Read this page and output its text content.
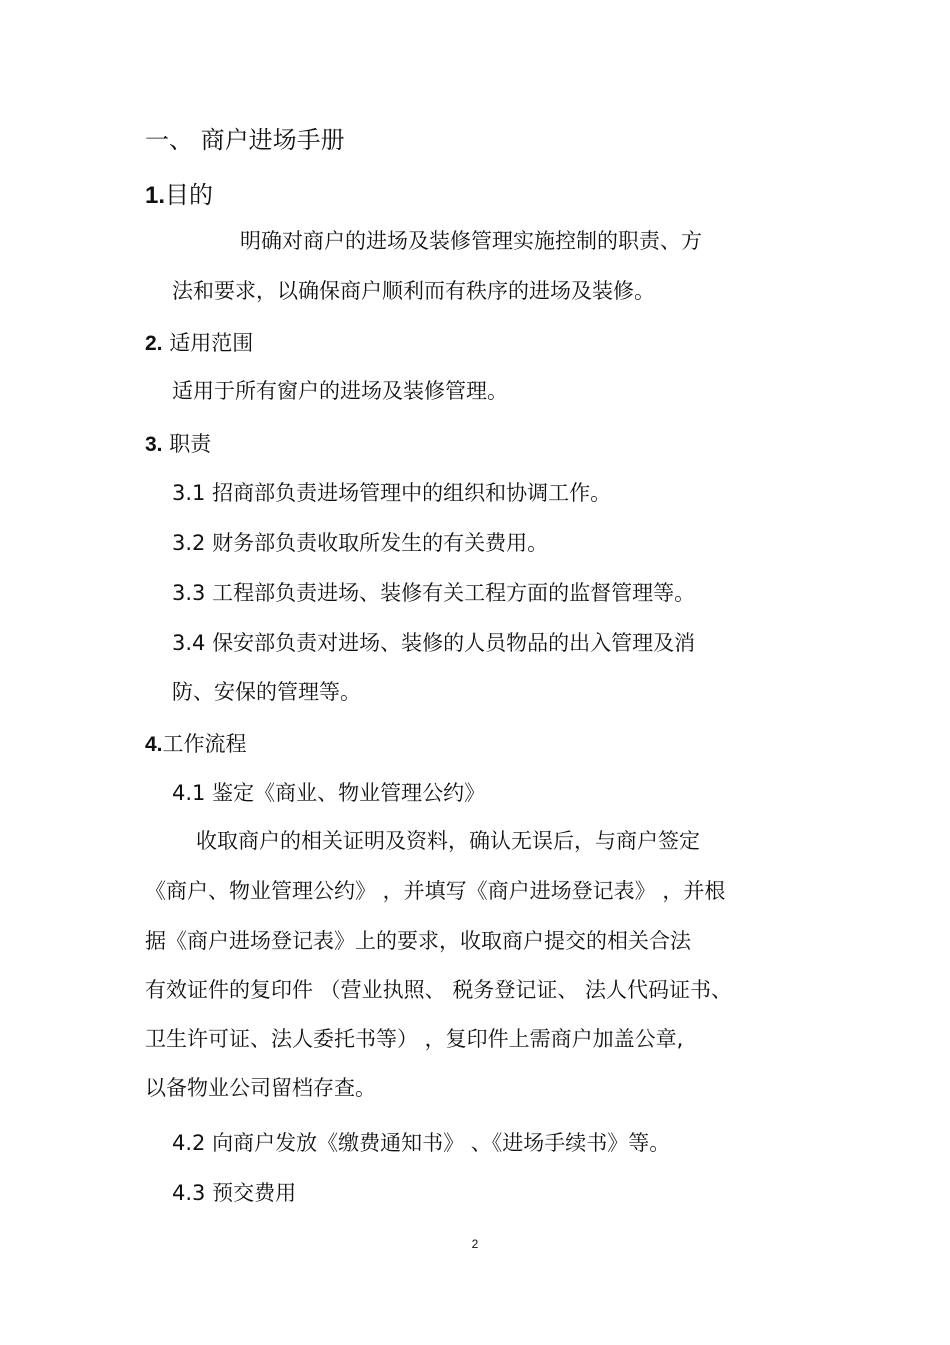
一、 商户进场手册
1.目的
明确对商户的进场及装修管理实施控制的职责、方
法和要求，以确保商户顺利而有秩序的进场及装修。
2. 适用范围
适用于所有窗户的进场及装修管理。
3. 职责
3.1 招商部负责进场管理中的组织和协调工作。
3.2 财务部负责收取所发生的有关费用。
3.3 工程部负责进场、装修有关工程方面的监督管理等。
3.4 保安部负责对进场、装修的人员物品的出入管理及消
防、安保的管理等。
4.工作流程
4.1 鉴定《商业、物业管理公约》
收取商户的相关证明及资料，确认无误后，与商户签定
《商户、物业管理公约》 ，并填写《商户进场登记表》 ，并根
据《商户进场登记表》上的要求，收取商户提交的相关合法
有效证件的复印件 （营业执照、 税务登记证、 法人代码证书、
卫生许可证、法人委托书等） ，复印件上需商户加盖公章,
以备物业公司留档存查。
4.2 向商户发放《缴费通知书》 、《进场手续书》等。
4.3 预交费用
2
